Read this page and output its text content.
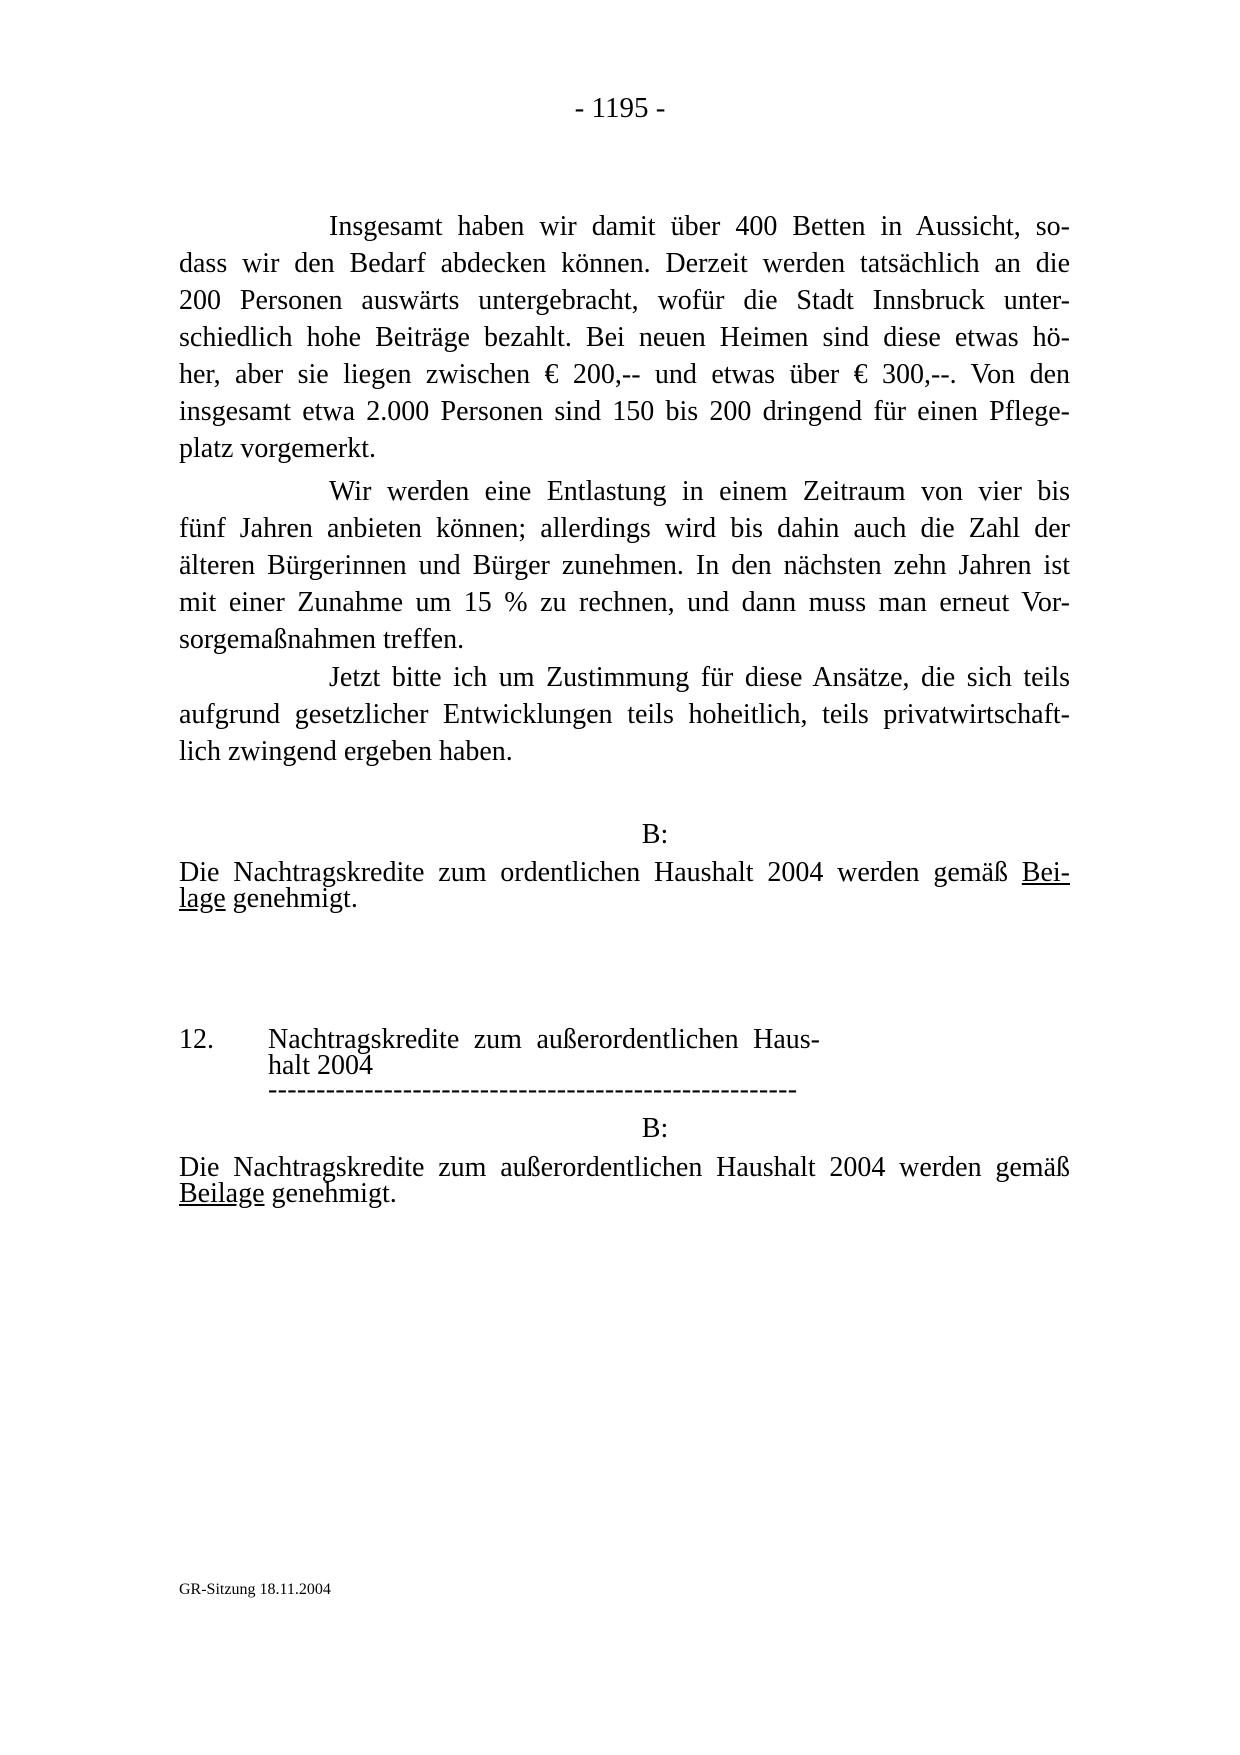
- 1195 -
Insgesamt haben wir damit über 400 Betten in Aussicht, so-
dass wir den Bedarf abdecken können. Derzeit werden tatsächlich an die
200 Personen auswärts untergebracht, wofür die Stadt Innsbruck unter-
schiedlich hohe Beiträge bezahlt. Bei neuen Heimen sind diese etwas hö-
her, aber sie liegen zwischen € 200,-- und etwas über € 300,--. Von den
insgesamt etwa 2.000 Personen sind 150 bis 200 dringend für einen Pflege-
platz vorgemerkt.
Wir werden eine Entlastung in einem Zeitraum von vier bis
fünf Jahren anbieten können; allerdings wird bis dahin auch die Zahl der
älteren Bürgerinnen und Bürger zunehmen. In den nächsten zehn Jahren ist
mit einer Zunahme um 15 % zu rechnen, und dann muss man erneut Vor-
sorgemaßnahmen treffen.
Jetzt bitte ich um Zustimmung für diese Ansätze, die sich teils
aufgrund gesetzlicher Entwicklungen teils hoheitlich, teils privatwirtschaft-
lich zwingend ergeben haben.
B:
Die Nachtragskredite zum ordentlichen Haushalt 2004 werden gemäß Bei-
lage genehmigt.
12. Nachtragskredite zum außerordentlichen Haus-
halt 2004
-------------------------------------------------------
B:
Die Nachtragskredite zum außerordentlichen Haushalt 2004 werden gemäß
Beilage genehmigt.
GR-Sitzung 18.11.2004
